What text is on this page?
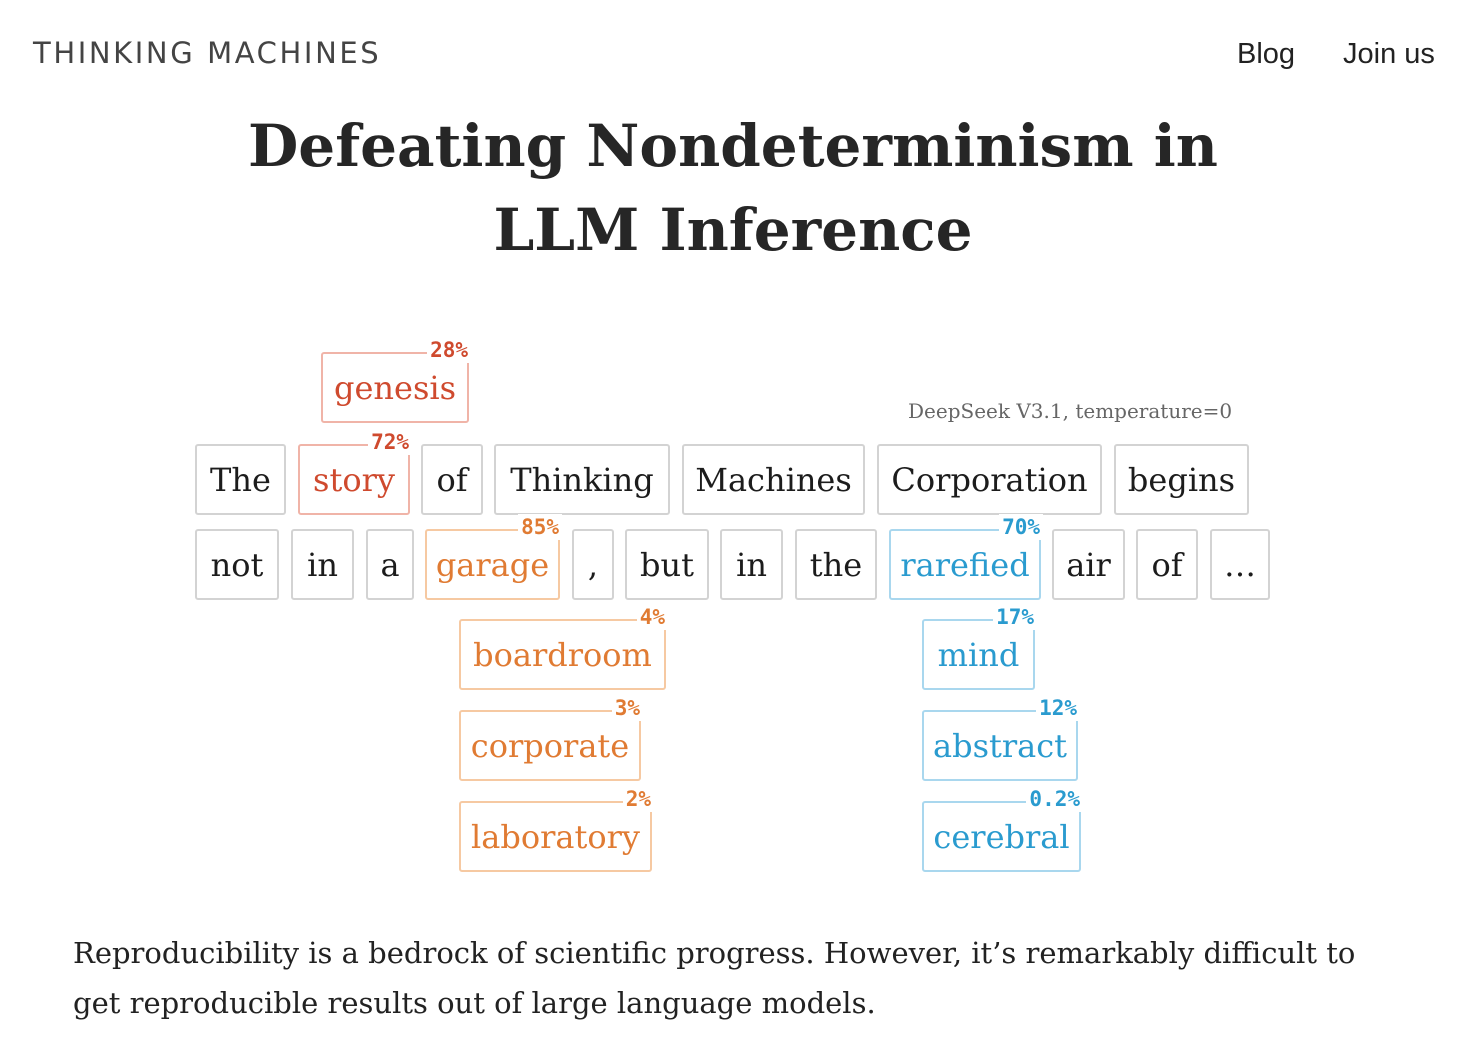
THINKING MACHINES	Blog Join us
Defeating Nondeterminism in
LLM Inference
DeepSeek V3.1, temperature=0
genesis
28%
The story
72%
of Thinking Machines Corporation begins
not in a garage
85%
, but in the rarefied
70%
air of …
boardroom
4%
corporate
3%
laboratory
2%
mind
17%
abstract
12%
cerebral
0.2%

Reproducibility is a bedrock of scientific progress. However, it’s remarkably difficult to
get reproducible results out of large language models.
